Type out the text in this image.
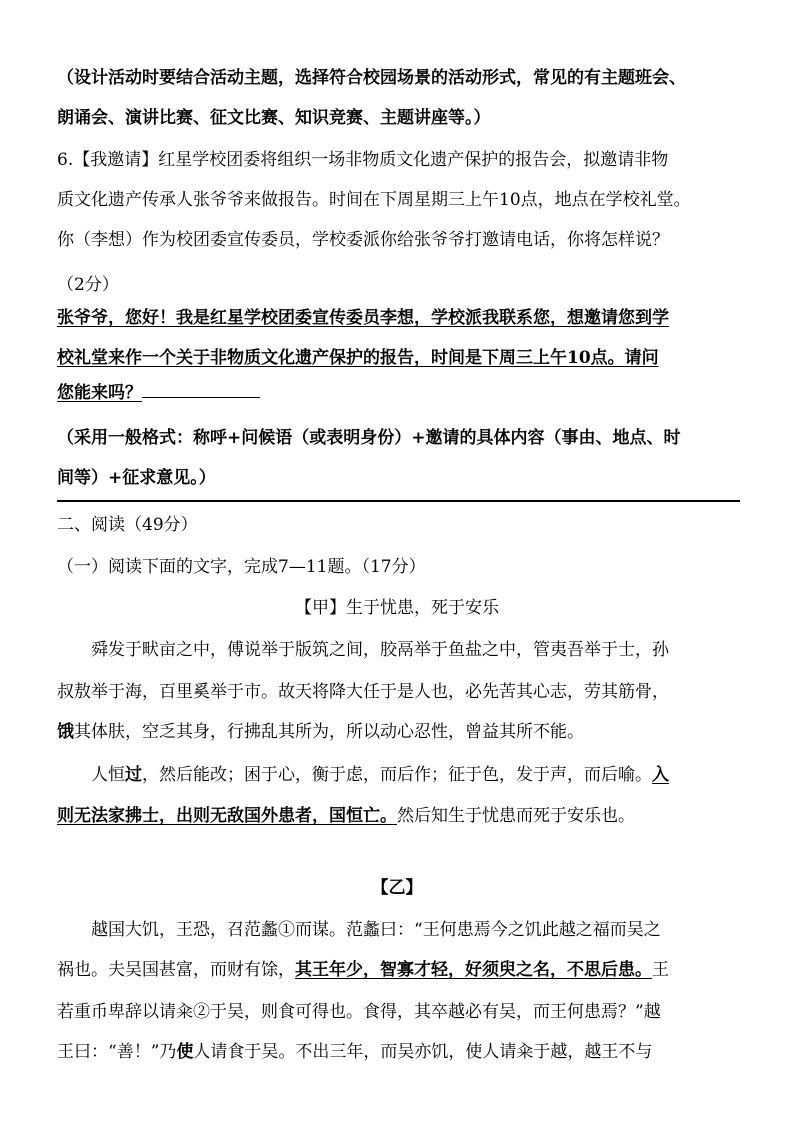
（设计活动时要结合活动主题，选择符合校园场景的活动形式，常见的有主题班会、

朗诵会、演讲比赛、征文比赛、知识竞赛、主题讲座等。）

6.【我邀请】红星学校团委将组织一场非物质文化遗产保护的报告会，拟邀请非物

质文化遗产传承人张爷爷来做报告。时间在下周星期三上午10点，地点在学校礼堂。

你（李想）作为校团委宣传委员，学校委派你给张爷爷打邀请电话，你将怎样说？

（2分）

张爷爷，您好！我是红星学校团委宣传委员李想，学校派我联系您，想邀请您到学

校礼堂来作一个关于非物质文化遗产保护的报告，时间是下周三上午10点。请问

您能来吗？

（采用一般格式：称呼+问候语（或表明身份）+邀请的具体内容（事由、地点、时

间等）+征求意见。）

二、阅读（49分）

（一）阅读下面的文字，完成7—11题。（17分）

【甲】生于忧患，死于安乐

舜发于畎亩之中，傅说举于版筑之间，胶鬲举于鱼盐之中，管夷吾举于士，孙

叔敖举于海，百里奚举于市。故天将降大任于是人也，必先苦其心志，劳其筋骨，

饿其体肤，空乏其身，行拂乱其所为，所以动心忍性，曾益其所不能。

人恒过，然后能改；困于心，衡于虑，而后作；征于色，发于声，而后喻。入

则无法家拂士，出则无敌国外患者，国恒亡。然后知生于忧患而死于安乐也。

【乙】

越国大饥，王恐，召范蠡①而谋。范蠡曰：“王何患焉今之饥此越之福而吴之

祸也。夫吴国甚富，而财有馀，其王年少，智寡才轻，好须臾之名，不思后患。王

若重币卑辞以请籴②于吴，则食可得也。食得，其卒越必有吴，而王何患焉？”越

王曰：“善！”乃使人请食于吴。不出三年，而吴亦饥，使人请籴于越，越王不与
